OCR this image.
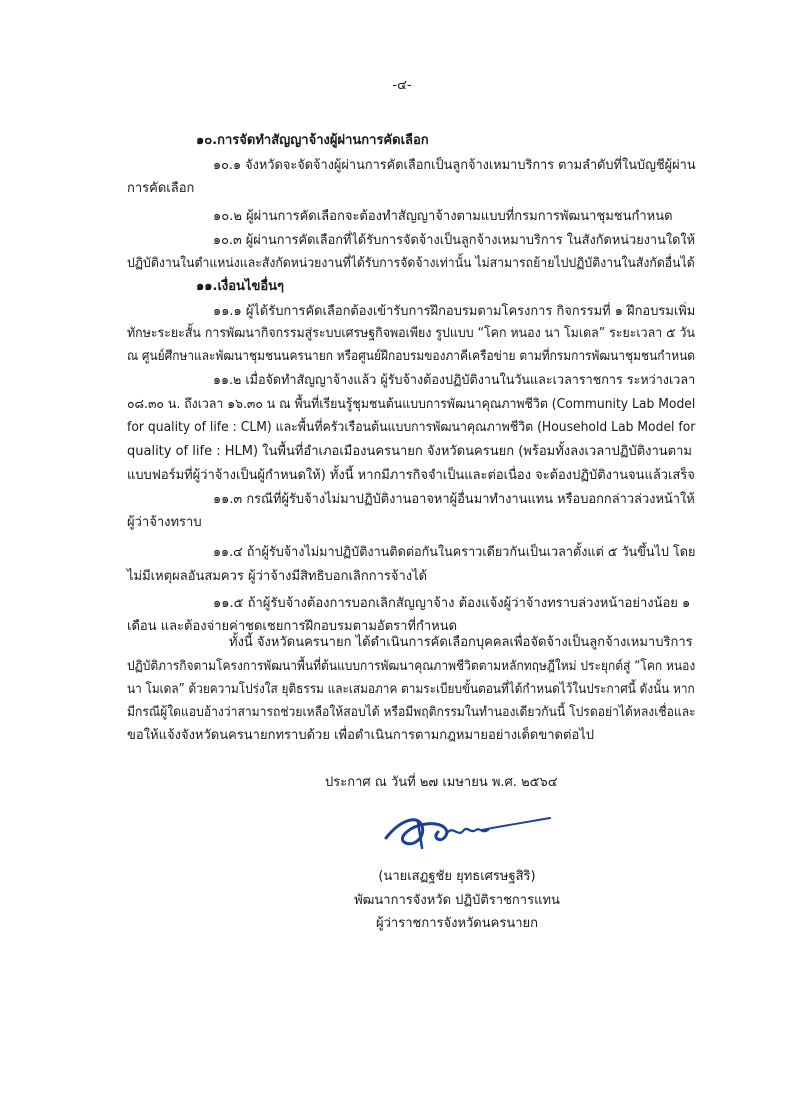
-๔-
๑๐.การจัดทำสัญญาจ้างผู้ผ่านการคัดเลือก
๑๐.๑ จังหวัดจะจัดจ้างผู้ผ่านการคัดเลือกเป็นลูกจ้างเหมาบริการ ตามลำดับที่ในบัญชีผู้ผ่าน
การคัดเลือก
๑๐.๒ ผู้ผ่านการคัดเลือกจะต้องทำสัญญาจ้างตามแบบที่กรมการพัฒนาชุมชนกำหนด
๑๐.๓ ผู้ผ่านการคัดเลือกที่ได้รับการจัดจ้างเป็นลูกจ้างเหมาบริการ ในสังกัดหน่วยงานใดให้
ปฏิบัติงานในตำแหน่งและสังกัดหน่วยงานที่ได้รับการจัดจ้างเท่านั้น ไม่สามารถย้ายไปปฏิบัติงานในสังกัดอื่นได้
๑๑.เงื่อนไขอื่นๆ
๑๑.๑ ผู้ได้รับการคัดเลือกต้องเข้ารับการฝึกอบรมตามโครงการ กิจกรรมที่ ๑ ฝึกอบรมเพิ่ม
ทักษะระยะสั้น การพัฒนากิจกรรมสู่ระบบเศรษฐกิจพอเพียง รูปแบบ “โคก หนอง นา โมเดล” ระยะเวลา ๕ วัน
ณ ศูนย์ศึกษาและพัฒนาชุมชนนครนายก หรือศูนย์ฝึกอบรมของภาคีเครือข่าย ตามที่กรมการพัฒนาชุมชนกำหนด
๑๑.๒ เมื่อจัดทำสัญญาจ้างแล้ว ผู้รับจ้างต้องปฏิบัติงานในวันและเวลาราชการ ระหว่างเวลา
๐๘.๓๐ น. ถึงเวลา ๑๖.๓๐ น ณ พื้นที่เรียนรู้ชุมชนต้นแบบการพัฒนาคุณภาพชีวิต (Community Lab Model
for quality of life : CLM) และพื้นที่ครัวเรือนต้นแบบการพัฒนาคุณภาพชีวิต (Household Lab Model for
quality of life : HLM) ในพื้นที่อำเภอเมืองนครนายก จังหวัดนครนยก (พร้อมทั้งลงเวลาปฏิบัติงานตาม
แบบฟอร์มที่ผู้ว่าจ้างเป็นผู้กำหนดให้) ทั้งนี้ หากมีภารกิจจำเป็นและต่อเนื่อง จะต้องปฏิบัติงานจนแล้วเสร็จ
๑๑.๓ กรณีที่ผู้รับจ้างไม่มาปฏิบัติงานอาจหาผู้อื่นมาทำงานแทน หรือบอกกล่าวล่วงหน้าให้
ผู้ว่าจ้างทราบ
๑๑.๔ ถ้าผู้รับจ้างไม่มาปฏิบัติงานติดต่อกันในคราวเดียวกันเป็นเวลาตั้งแต่ ๕ วันขึ้นไป โดย
ไม่มีเหตุผลอันสมควร ผู้ว่าจ้างมีสิทธิบอกเลิกการจ้างได้
๑๑.๕ ถ้าผู้รับจ้างต้องการบอกเลิกสัญญาจ้าง ต้องแจ้งผู้ว่าจ้างทราบล่วงหน้าอย่างน้อย ๑
เดือน และต้องจ่ายค่าชดเชยการฝึกอบรมตามอัตราที่กำหนด
ทั้งนี้ จังหวัดนครนายก ได้ดำเนินการคัดเลือกบุคคลเพื่อจัดจ้างเป็นลูกจ้างเหมาบริการ
ปฏิบัติภารกิจตามโครงการพัฒนาพื้นที่ต้นแบบการพัฒนาคุณภาพชีวิตตามหลักทฤษฎีใหม่ ประยุกต์สู่ “โคก หนอง
นา โมเดล” ด้วยความโปร่งใส ยุติธรรม และเสมอภาค ตามระเบียบขั้นตอนที่ได้กำหนดไว้ในประกาศนี้ ดังนั้น หาก
มีกรณีผู้ใดแอบอ้างว่าสามารถช่วยเหลือให้สอบได้ หรือมีพฤติกรรมในทำนองเดียวกันนี้ โปรดอย่าได้หลงเชื่อและ
ขอให้แจ้งจังหวัดนครนายกทราบด้วย เพื่อดำเนินการตามกฎหมายอย่างเด็ดขาดต่อไป
ประกาศ ณ วันที่ ๒๗ เมษายน พ.ศ. ๒๕๖๔
(นายเสฏฐชัย ยุทธเศรษฐสิริ)
พัฒนาการจังหวัด ปฏิบัติราชการแทน
ผู้ว่าราชการจังหวัดนครนายก
